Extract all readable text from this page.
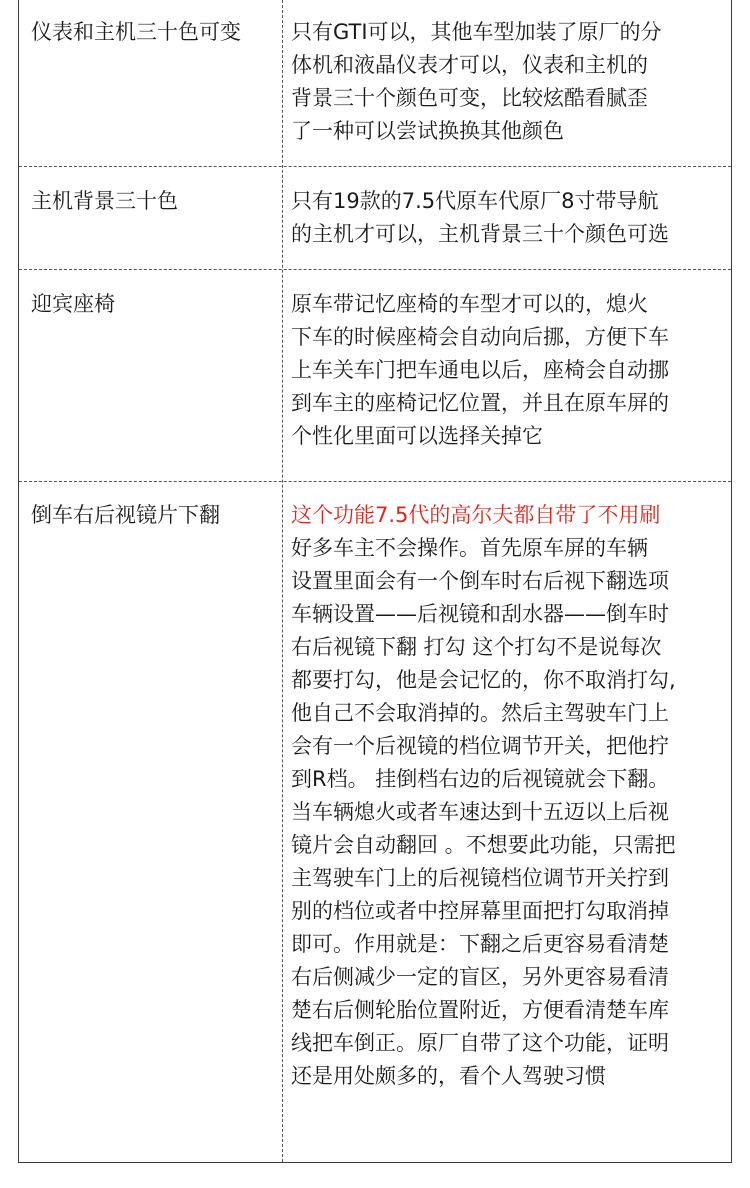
仪表和主机三十色可变	只有GTI可以，其他车型加装了原厂的分
体机和液晶仪表才可以，仪表和主机的
背景三十个颜色可变，比较炫酷看腻歪
了一种可以尝试换换其他颜色
主机背景三十色	只有19款的7.5代原车代原厂8寸带导航
的主机才可以，主机背景三十个颜色可选
迎宾座椅	原车带记忆座椅的车型才可以的，熄火
下车的时候座椅会自动向后挪，方便下车
上车关车门把车通电以后，座椅会自动挪
到车主的座椅记忆位置，并且在原车屏的
个性化里面可以选择关掉它
倒车右后视镜片下翻	这个功能7.5代的高尔夫都自带了不用刷
好多车主不会操作。首先原车屏的车辆
设置里面会有一个倒车时右后视下翻选项
车辆设置——后视镜和刮水器——倒车时
右后视镜下翻 打勾 这个打勾不是说每次
都要打勾，他是会记忆的，你不取消打勾,
他自己不会取消掉的。然后主驾驶车门上
会有一个后视镜的档位调节开关，把他拧
到R档。 挂倒档右边的后视镜就会下翻。
当车辆熄火或者车速达到十五迈以上后视
镜片会自动翻回 。不想要此功能，只需把
主驾驶车门上的后视镜档位调节开关拧到
别的档位或者中控屏幕里面把打勾取消掉
即可。作用就是：下翻之后更容易看清楚
右后侧减少一定的盲区，另外更容易看清
楚右后侧轮胎位置附近，方便看清楚车库
线把车倒正。原厂自带了这个功能，证明
还是用处颇多的，看个人驾驶习惯
